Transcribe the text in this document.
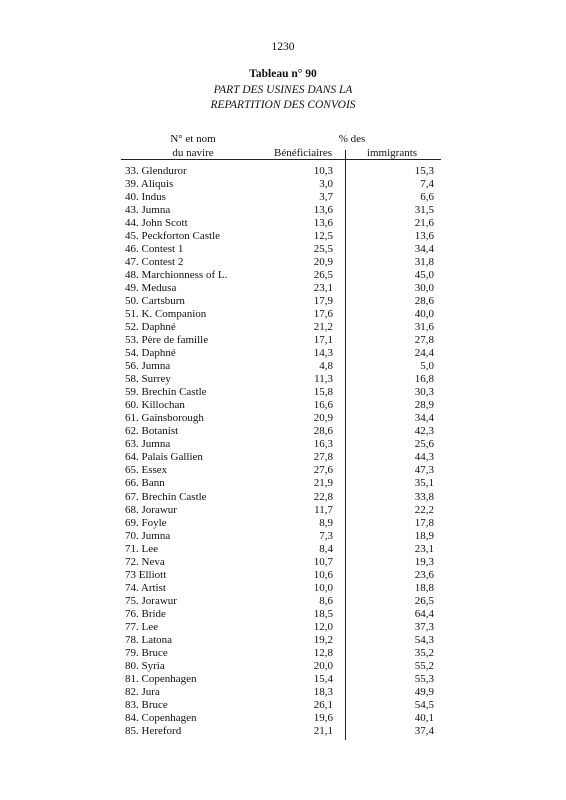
1230
Tableau n° 90
PART DES USINES DANS LA
REPARTITION DES CONVOIS
N° et nom
du navire
% des
Bénéficiaires	immigrants
33. Glenduror	10,3	15,3
39. Aliquis	3,0	7,4
40. Indus	3,7	6,6
43. Jumna	13,6	31,5
44. John Scott	13,6	21,6
45. Peckforton Castle	12,5	13,6
46. Contest 1	25,5	34,4
47. Contest 2	20,9	31,8
48. Marchionness of L.	26,5	45,0
49. Medusa	23,1	30,0
50. Cartsburn	17,9	28,6
51. K. Companion	17,6	40,0
52. Daphné	21,2	31,6
53. Père de famille	17,1	27,8
54. Daphné	14,3	24,4
56. Jumna	4,8	5,0
58. Surrey	11,3	16,8
59. Brechin Castle	15,8	30,3
60. Killochan	16,6	28,9
61. Gainsborough	20,9	34,4
62. Botanist	28,6	42,3
63. Jumna	16,3	25,6
64. Palais Gallien	27,8	44,3
65. Essex	27,6	47,3
66. Bann	21,9	35,1
67. Brechin Castle	22,8	33,8
68. Jorawur	11,7	22,2
69. Foyle	8,9	17,8
70. Jumna	7,3	18,9
71. Lee	8,4	23,1
72. Neva	10,7	19,3
73 Elliott	10,6	23,6
74. Artist	10,0	18,8
75. Jorawur	8,6	26,5
76. Bride	18,5	64,4
77. Lee	12,0	37,3
78. Latona	19,2	54,3
79. Bruce	12,8	35,2
80. Syria	20,0	55,2
81. Copenhagen	15,4	55,3
82. Jura	18,3	49,9
83. Bruce	26,1	54,5
84. Copenhagen	19,6	40,1
85. Hereford	21,1	37,4
